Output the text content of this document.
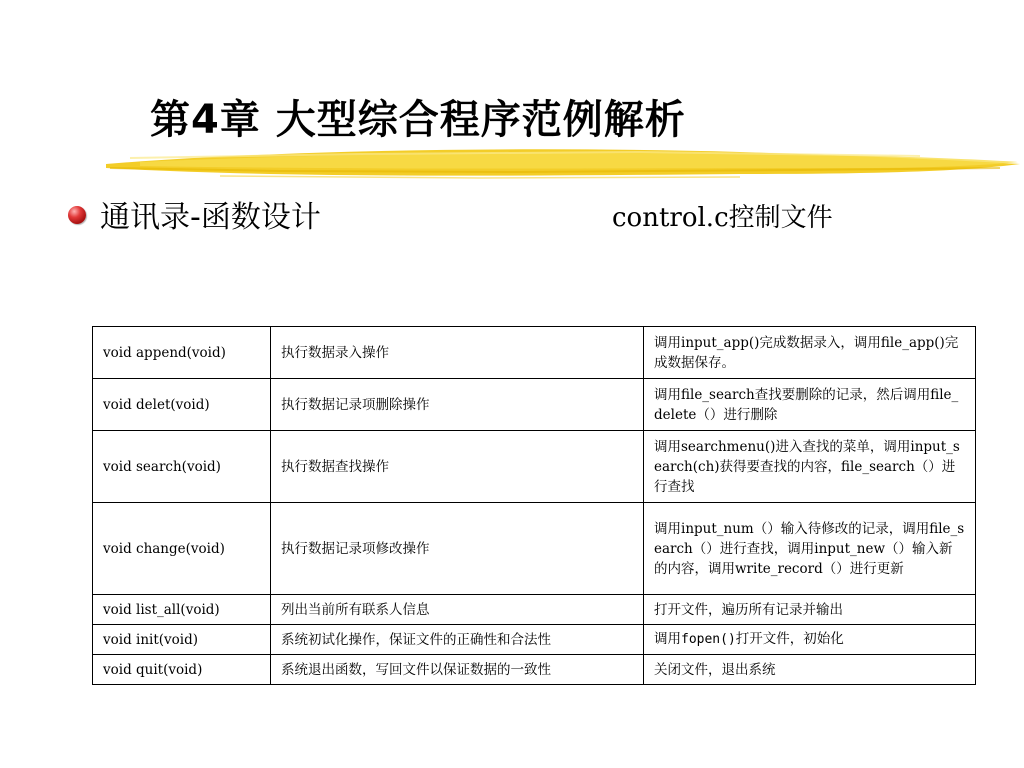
第4章 大型综合程序范例解析
通讯录-函数设计	control.c控制文件
void append(void)	执行数据录入操作	调用input_app()完成数据录入，调用file_app()完成数据保存。
void delet(void)	执行数据记录项删除操作	调用file_search查找要删除的记录，然后调用file_delete（）进行删除
void search(void)	执行数据查找操作	调用searchmenu()进入查找的菜单，调用input_search(ch)获得要查找的内容，file_search（）进行查找
void change(void)	执行数据记录项修改操作	调用input_num（）输入待修改的记录，调用file_search（）进行查找，调用input_new（）输入新的内容，调用write_record（）进行更新
void list_all(void)	列出当前所有联系人信息	打开文件，遍历所有记录并输出
void init(void)	系统初试化操作，保证文件的正确性和合法性	调用fopen()打开文件，初始化
void quit(void)	系统退出函数，写回文件以保证数据的一致性	关闭文件，退出系统
